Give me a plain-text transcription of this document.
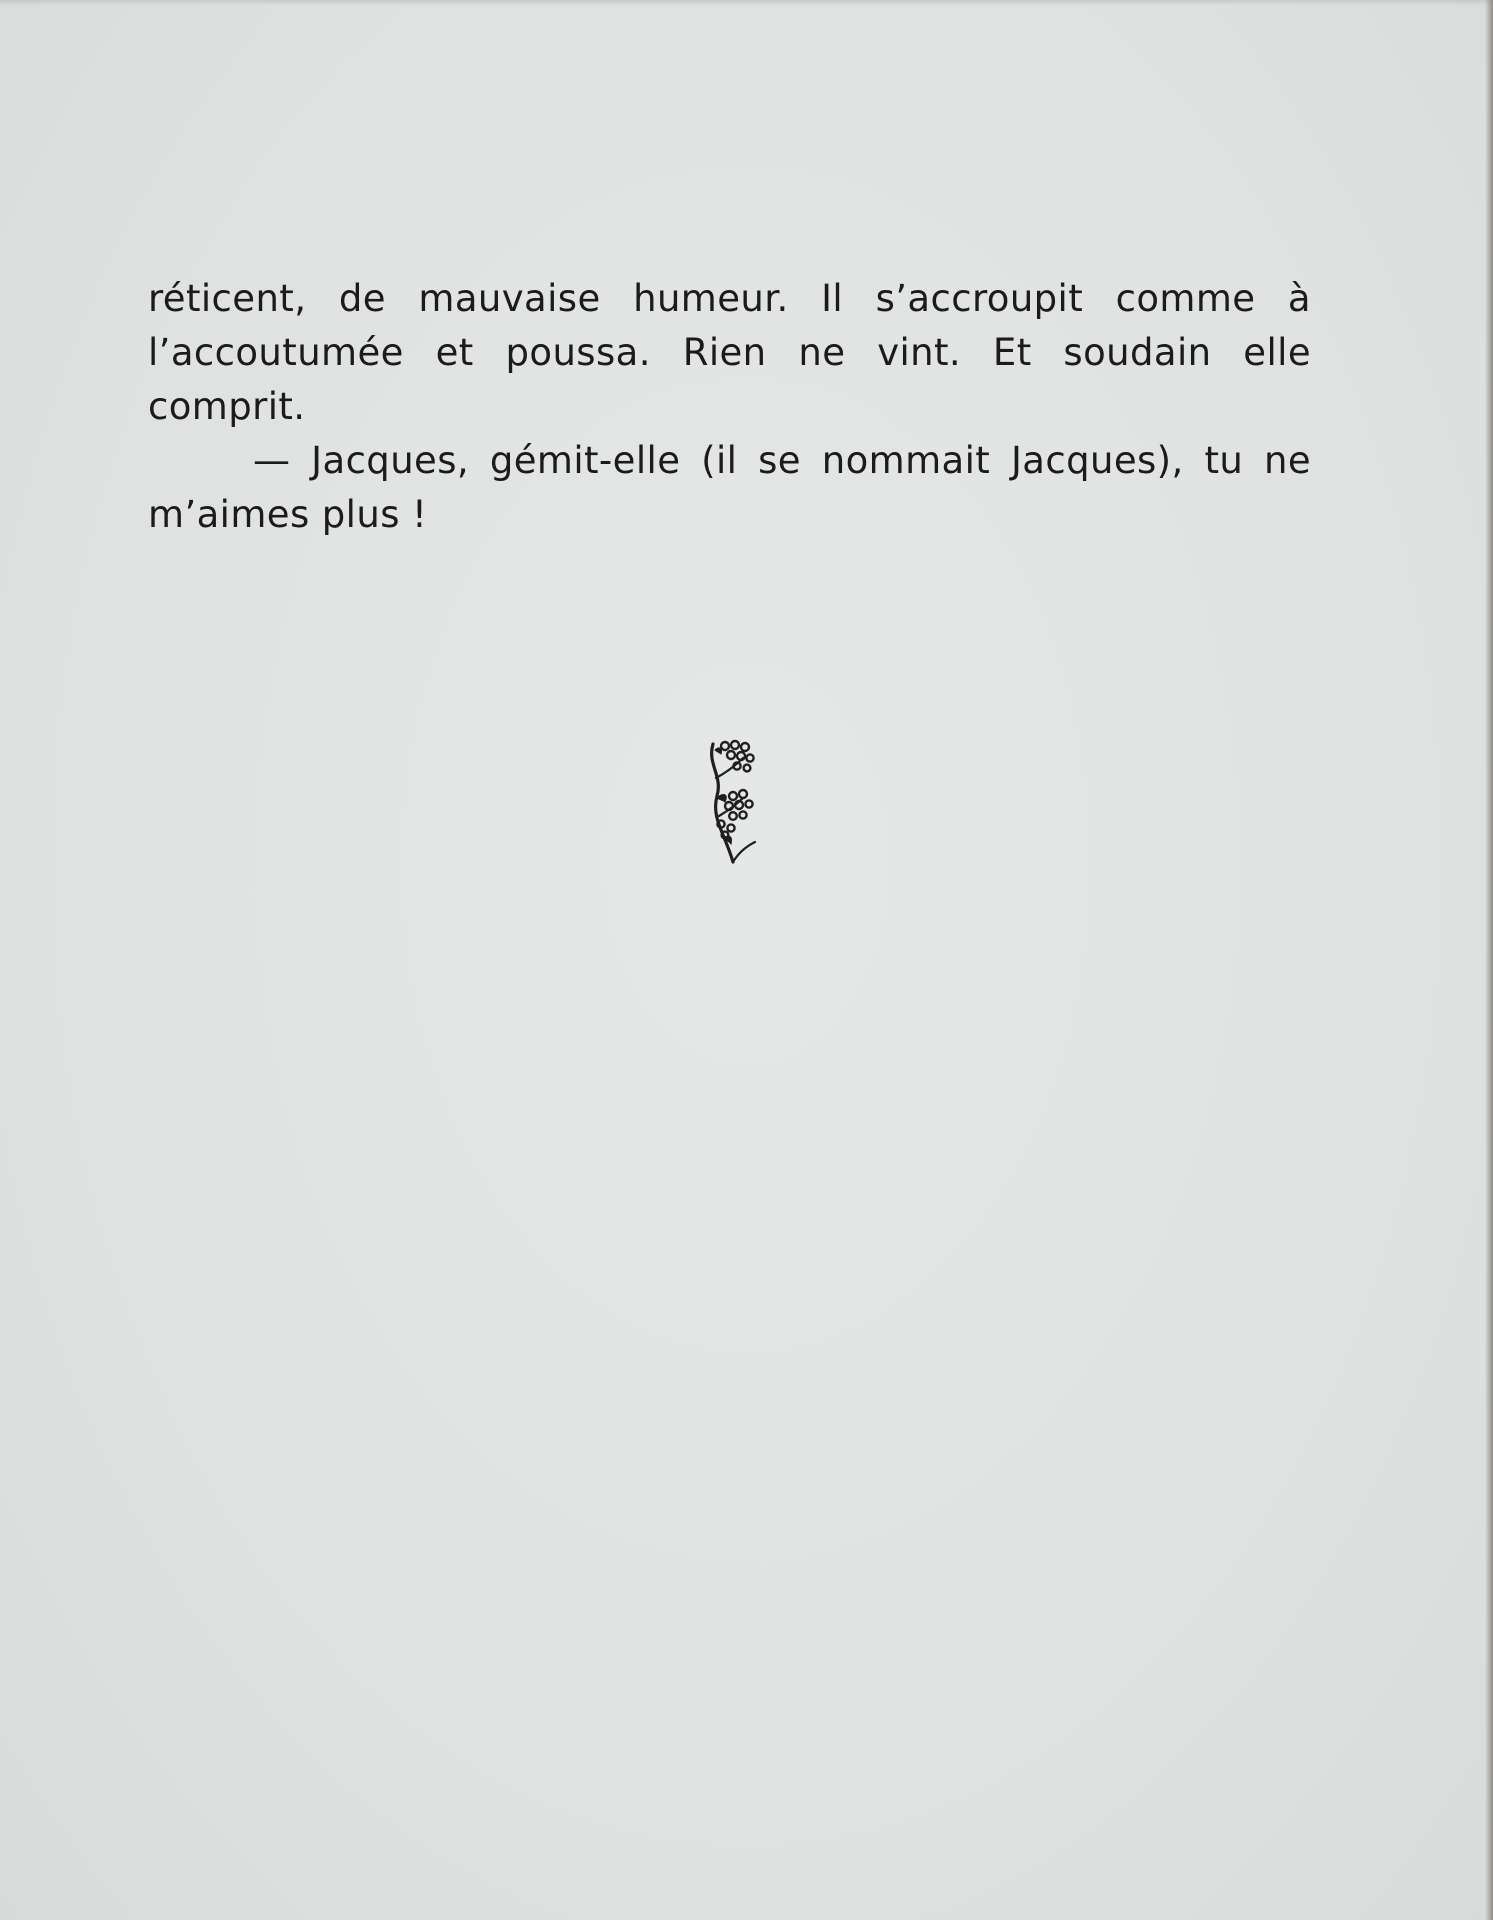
réticent, de mauvaise humeur. Il s’accroupit comme à l’accoutumée et poussa. Rien ne vint. Et soudain elle comprit.

— Jacques, gémit-elle (il se nommait Jacques), tu ne m’aimes plus !
